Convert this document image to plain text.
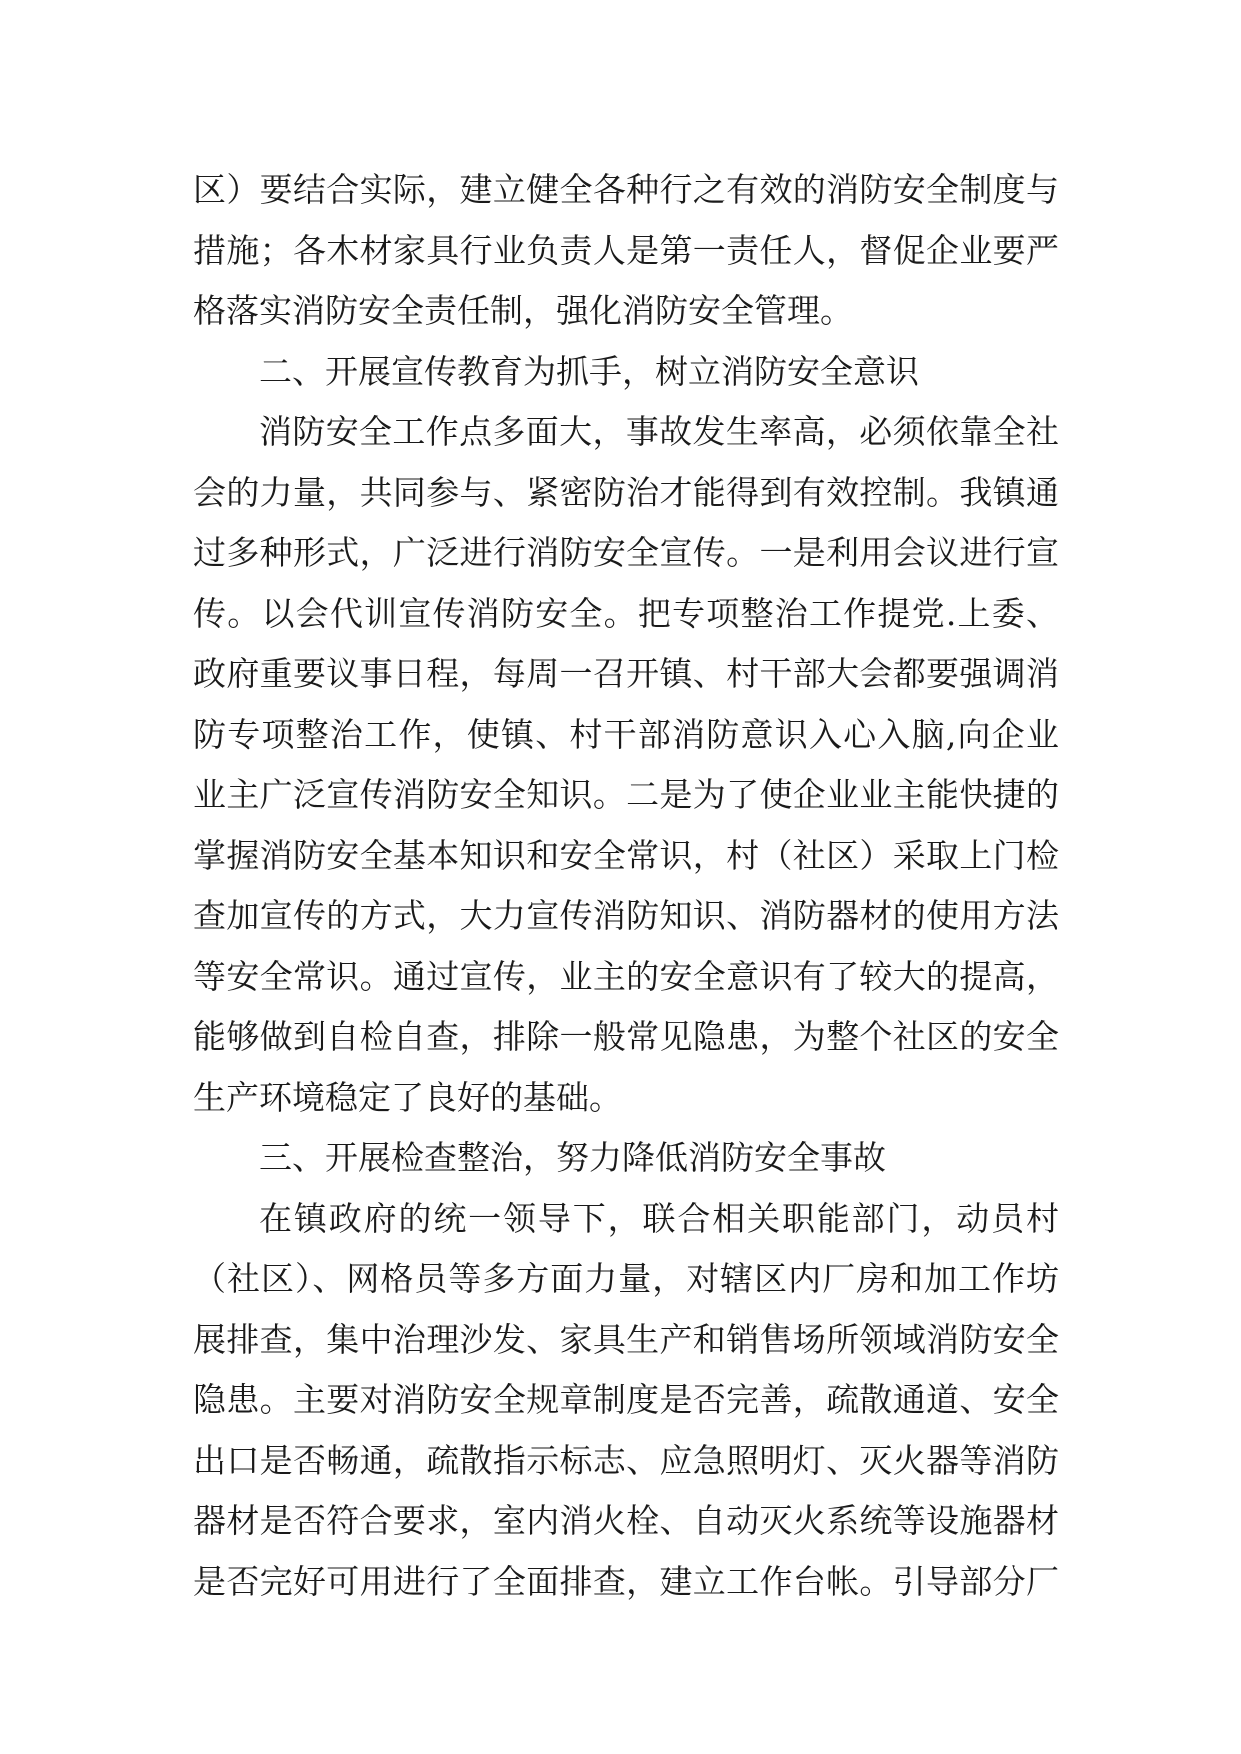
区）要结合实际，建立健全各种行之有效的消防安全制度与
措施；各木材家具行业负责人是第一责任人，督促企业要严
格落实消防安全责任制，强化消防安全管理。
二、开展宣传教育为抓手，树立消防安全意识
消防安全工作点多面大，事故发生率高，必须依靠全社
会的力量，共同参与、紧密防治才能得到有效控制。我镇通
过多种形式，广泛进行消防安全宣传。一是利用会议进行宣
传。以会代训宣传消防安全。把专项整治工作提党.上委、
政府重要议事日程，每周一召开镇、村干部大会都要强调消
防专项整治工作，使镇、村干部消防意识入心入脑,向企业
业主广泛宣传消防安全知识。二是为了使企业业主能快捷的
掌握消防安全基本知识和安全常识，村（社区）采取上门检
查加宣传的方式，大力宣传消防知识、消防器材的使用方法
等安全常识。通过宣传，业主的安全意识有了较大的提高，
能够做到自检自查，排除一般常见隐患，为整个社区的安全
生产环境稳定了良好的基础。
三、开展检查整治，努力降低消防安全事故
在镇政府的统一领导下，联合相关职能部门，动员村
（社区）、网格员等多方面力量，对辖区内厂房和加工作坊
展排查，集中治理沙发、家具生产和销售场所领域消防安全
隐患。主要对消防安全规章制度是否完善，疏散通道、安全
出口是否畅通，疏散指示标志、应急照明灯、灭火器等消防
器材是否符合要求，室内消火栓、自动灭火系统等设施器材
是否完好可用进行了全面排查，建立工作台帐。引导部分厂
